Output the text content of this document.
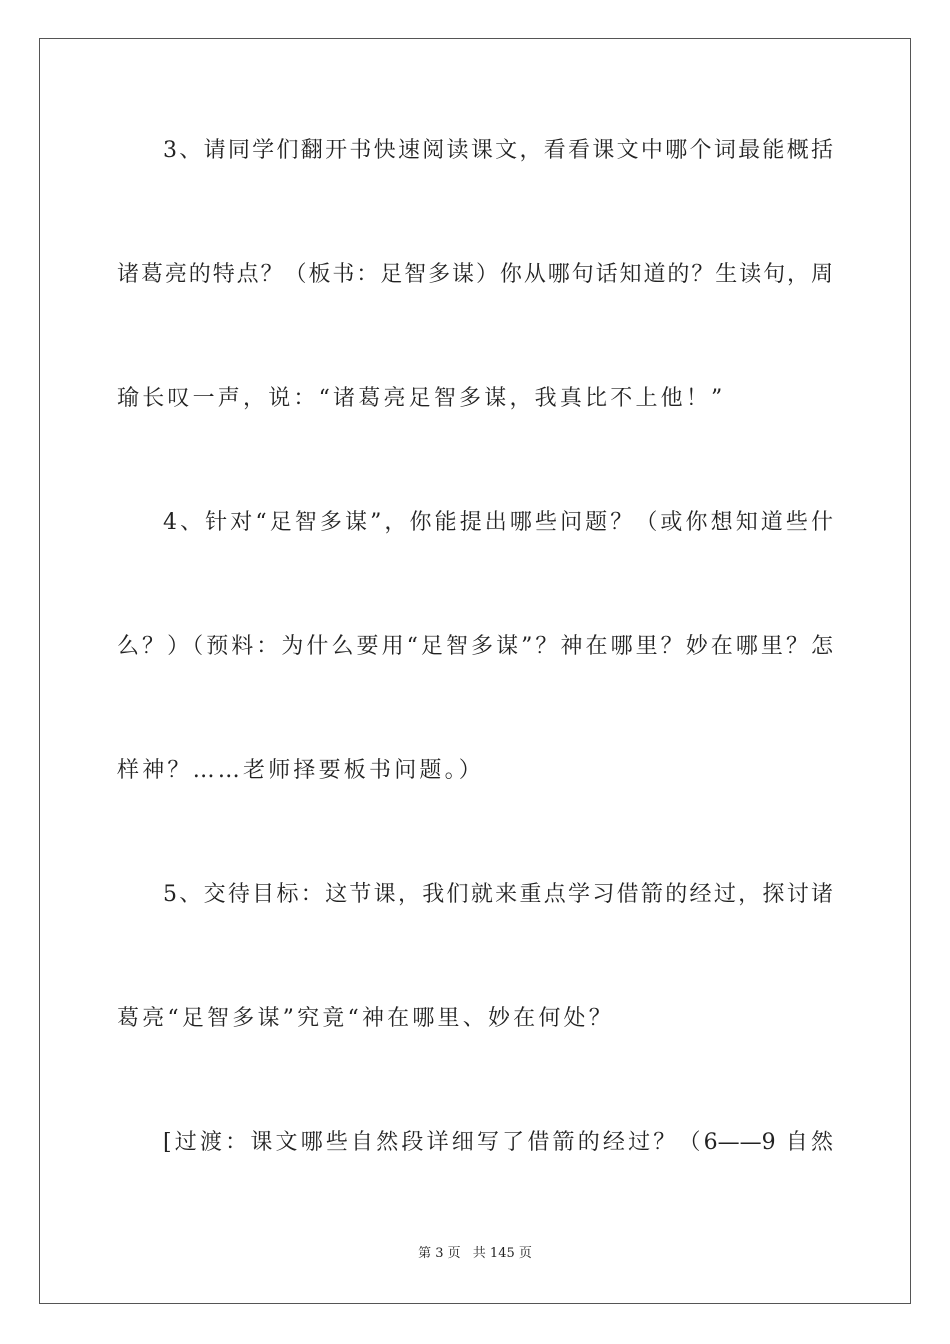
3、请同学们翻开书快速阅读课文，看看课文中哪个词最能概括
诸葛亮的特点？（板书：足智多谋）你从哪句话知道的？生读句，周
瑜长叹一声，说：“诸葛亮足智多谋，我真比不上他！”
4、针对“足智多谋”，你能提出哪些问题？（或你想知道些什
么？）（预料：为什么要用“足智多谋”？神在哪里？妙在哪里？怎
样神？……老师择要板书问题。）
5、交待目标：这节课，我们就来重点学习借箭的经过，探讨诸
葛亮“足智多谋”究竟“神在哪里、妙在何处？
[过渡：课文哪些自然段详细写了借箭的经过？（6——9 自然
第 3 页 共 145 页
